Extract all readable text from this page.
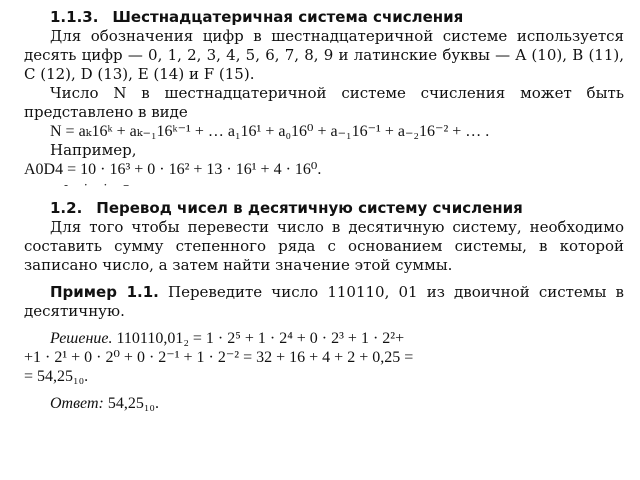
1.1.3. Шестнадцатеричная система счисления

Для обозначения цифр в шестнадцатеричной системе используется десять цифр — 0, 1, 2, 3, 4, 5, 6, 7, 8, 9 и латинские буквы — A (10), B (11), C (12), D (13), E (14) и F (15).

Число N в шестнадцатеричной системе счисления может быть представлено в виде

N = aₖ16ᵏ + aₖ₋₁16ᵏ⁻¹ + … a₁16¹ + a₀16⁰ + a₋₁16⁻¹ + a₋₂16⁻² + … .

Например,

A0D4 = 10 · 16³ + 0 · 16² + 13 · 16¹ + 4 · 16⁰.

- · · –
1.2. Перевод чисел в десятичную систему счисления

Для того чтобы перевести число в десятичную систему, необходимо составить сумму степенного ряда с основанием системы, в которой записано число, а затем найти значение этой суммы.

Пример 1.1. Переведите число 110110, 01 из двоичной системы в десятичную.

Решение. 110110,01₂ = 1 · 2⁵ + 1 · 2⁴ + 0 · 2³ + 1 · 2²+

+1 · 2¹ + 0 · 2⁰ + 0 · 2⁻¹ + 1 · 2⁻² = 32 + 16 + 4 + 2 + 0,25 =

= 54,25₁₀.

Ответ: 54,25₁₀.
